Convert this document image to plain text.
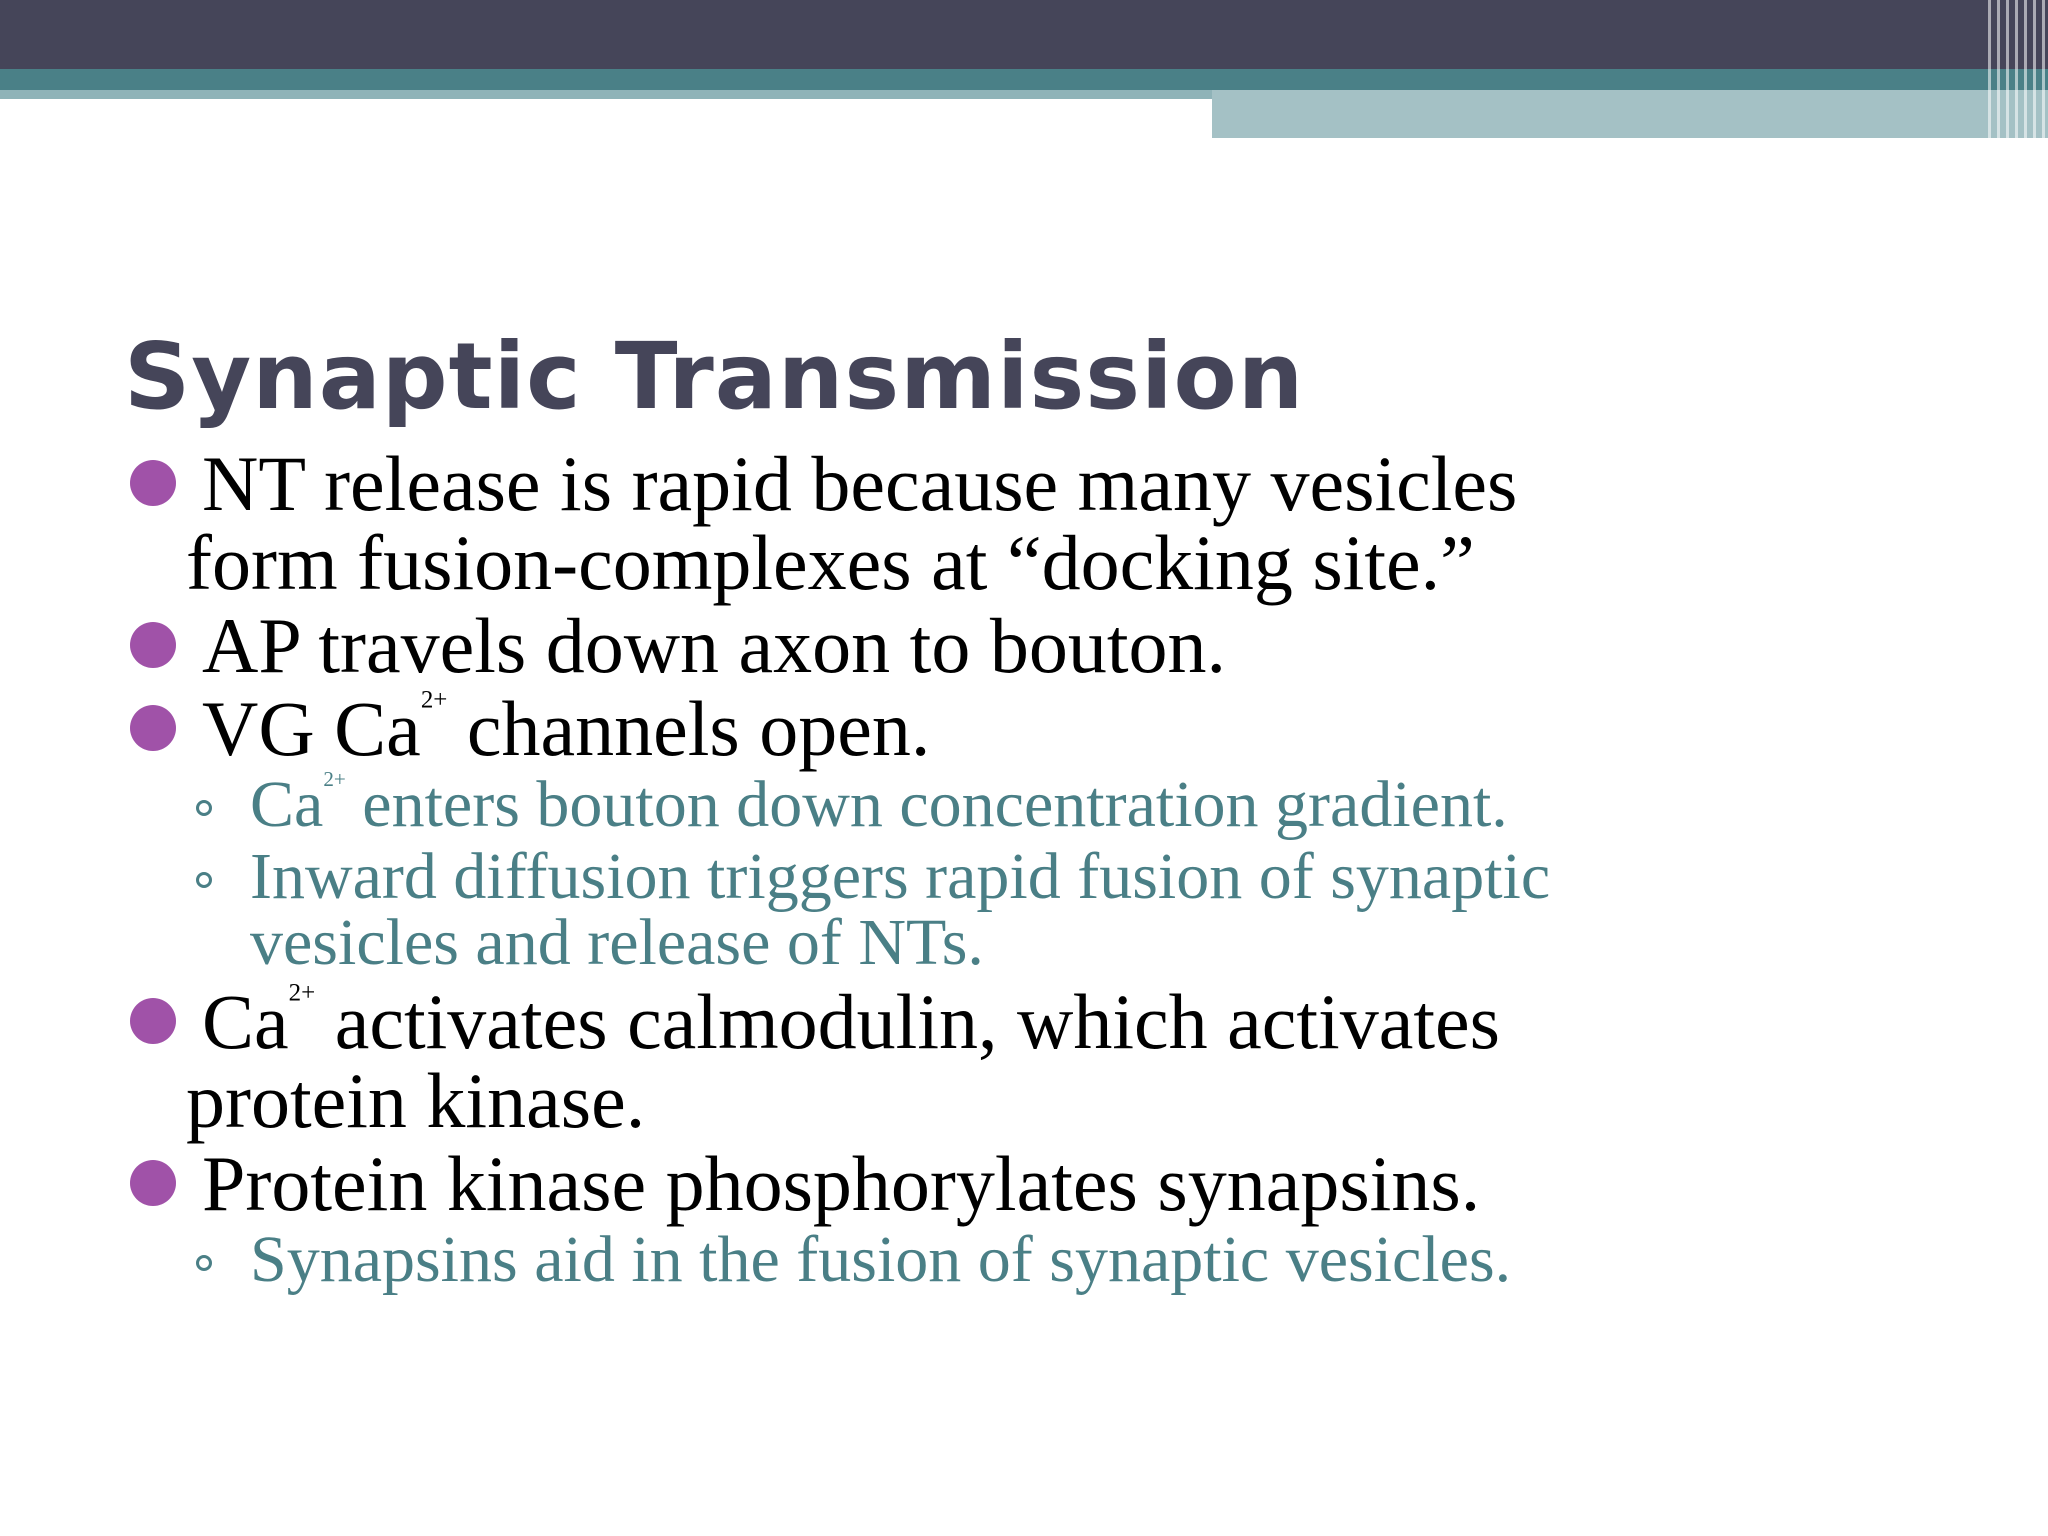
Synaptic Transmission
NT release is rapid because many vesicles
form fusion-complexes at “docking site.”
AP travels down axon to bouton.
VG $Ca^{2+}$ channels open.
$Ca^{2+}$ enters bouton down concentration gradient.
Inward diffusion triggers rapid fusion of synaptic
vesicles and release of NTs.
$Ca^{2+}$ activates calmodulin, which activates
protein kinase.
Protein kinase phosphorylates synapsins.
Synapsins aid in the fusion of synaptic vesicles.
